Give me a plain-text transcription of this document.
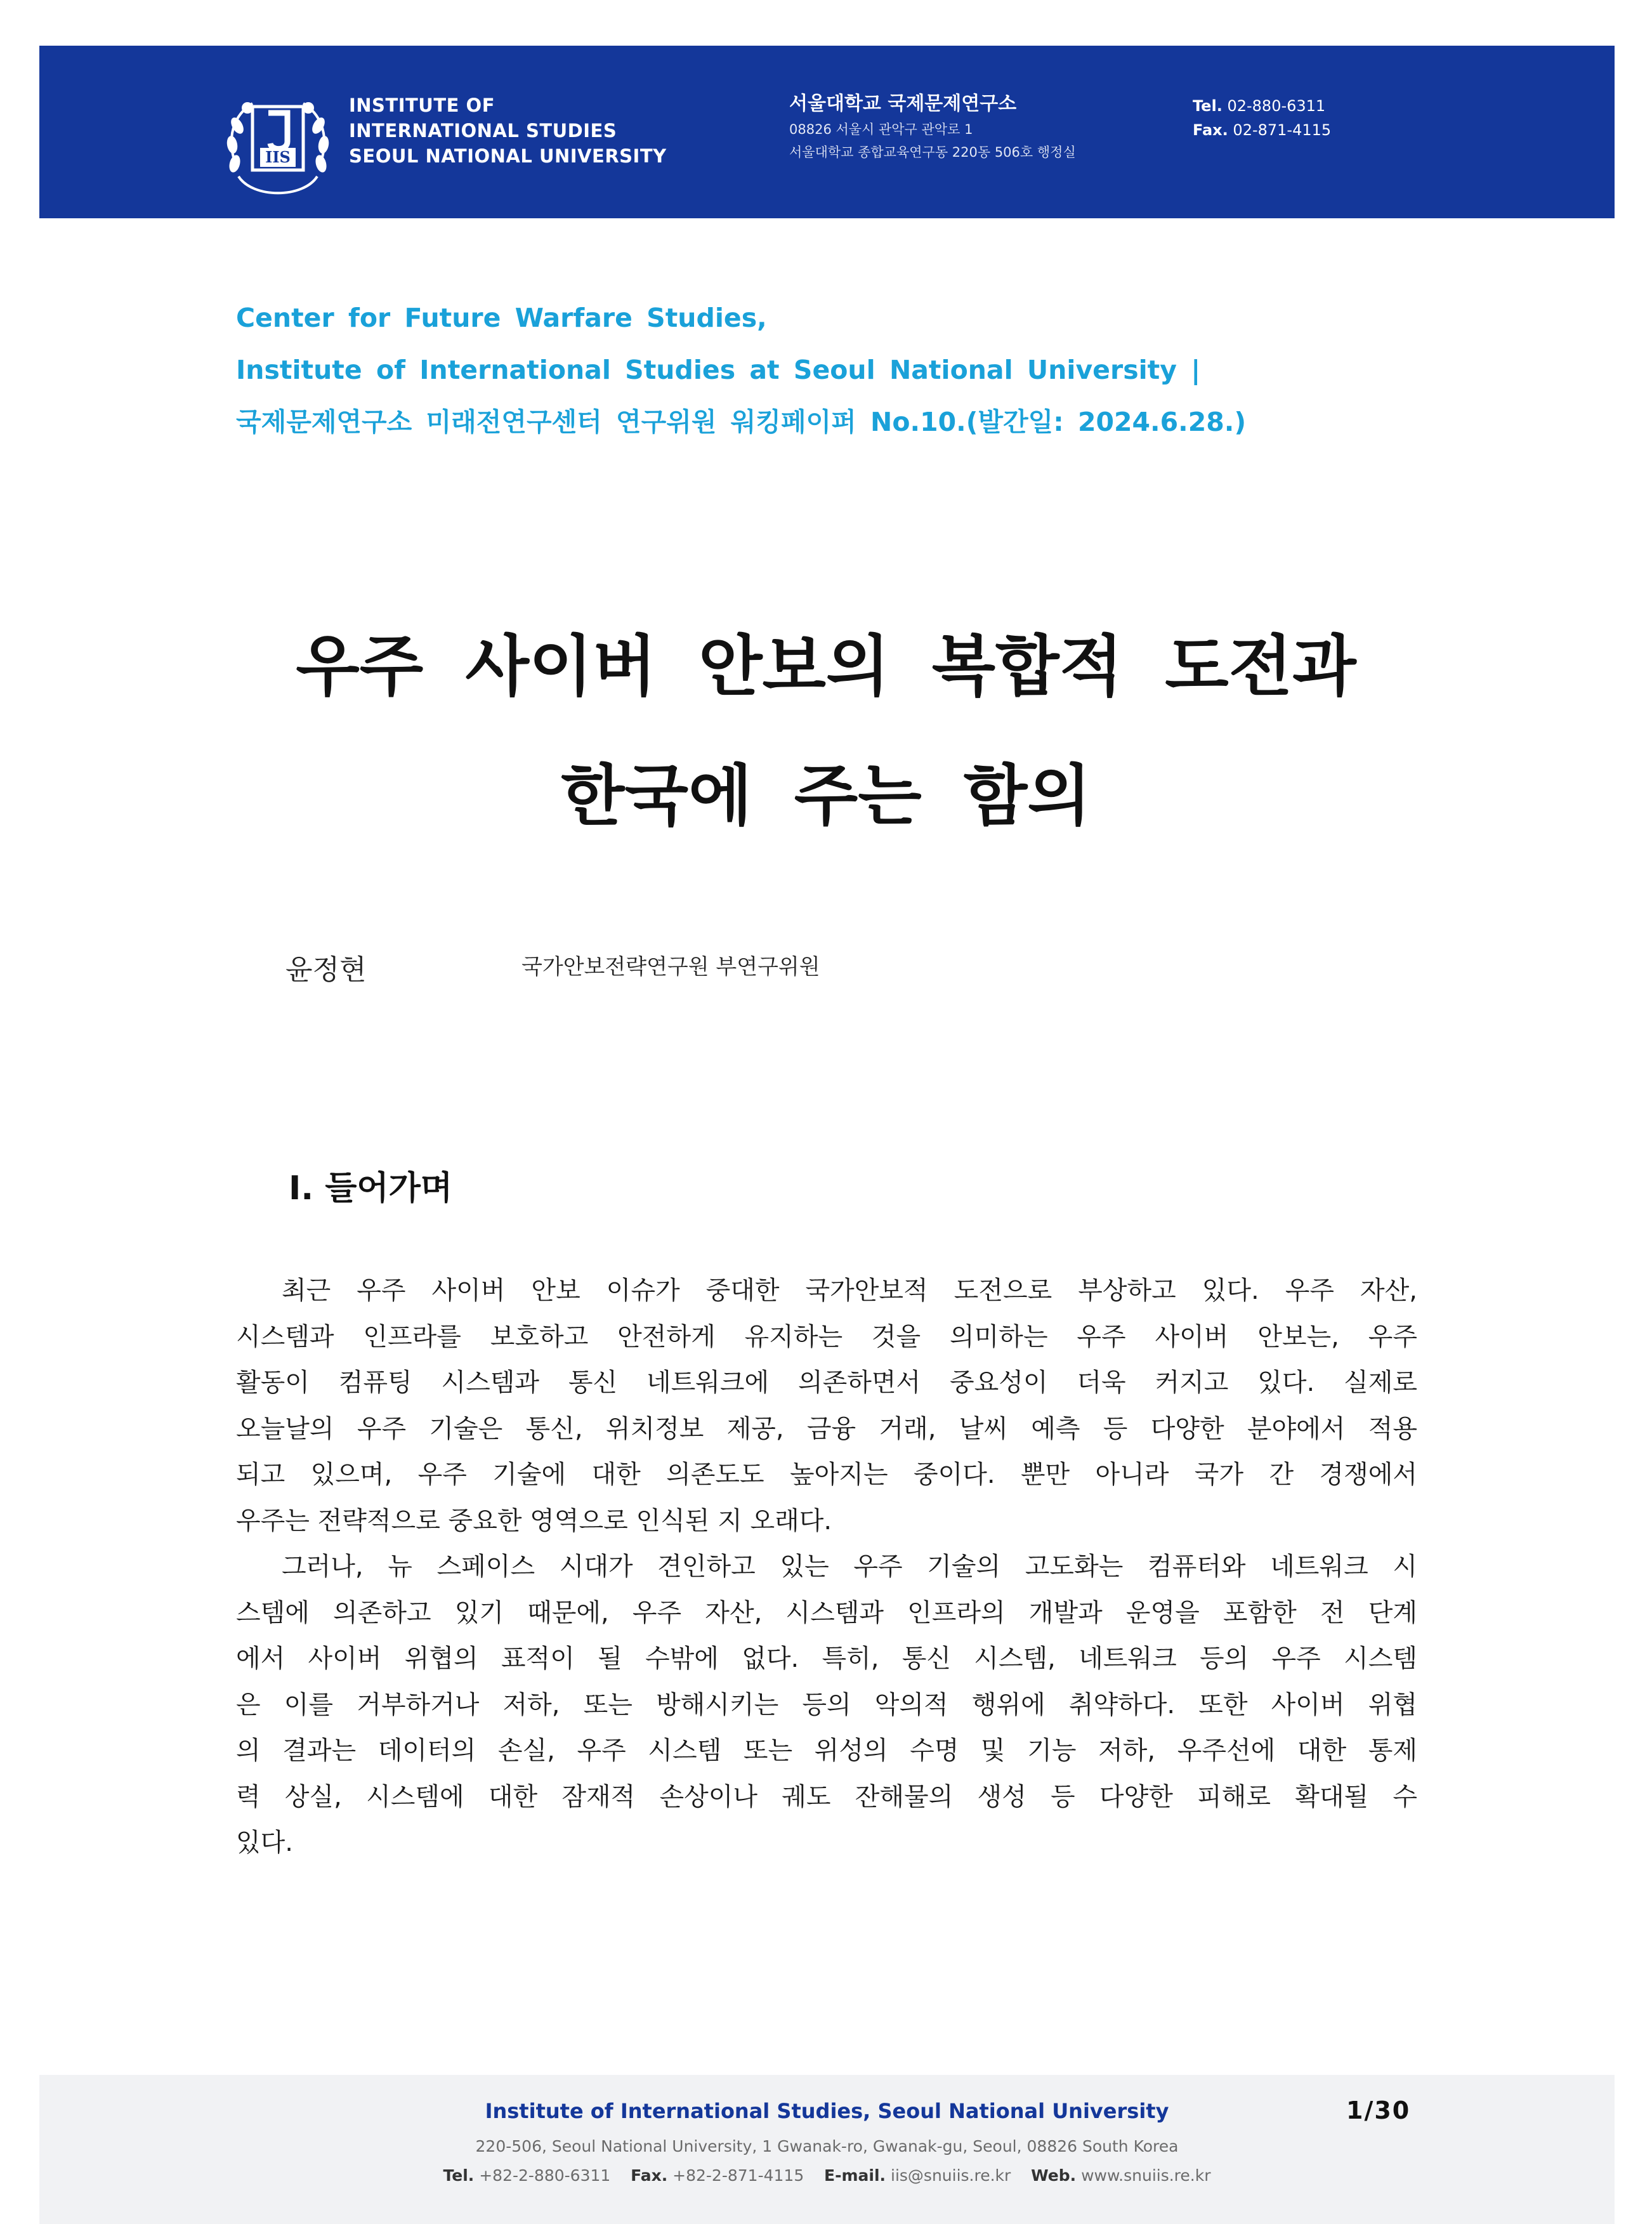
IIS
INSTITUTE OF
INTERNATIONAL STUDIES
SEOUL NATIONAL UNIVERSITY
서울대학교 국제문제연구소
08826 서울시 관악구 관악로 1
서울대학교 종합교육연구동 220동 506호 행정실
Tel. 02-880-6311
Fax. 02-871-4115
Center for Future Warfare Studies,
Institute of International Studies at Seoul National University |
국제문제연구소 미래전연구센터 연구위원 워킹페이퍼 No.10.(발간일: 2024.6.28.)
우주 사이버 안보의 복합적 도전과
한국에 주는 함의
윤정현	국가안보전략연구원 부연구위원
Ⅰ. 들어가며
최근 우주 사이버 안보 이슈가 중대한 국가안보적 도전으로 부상하고 있다. 우주 자산,
시스템과 인프라를 보호하고 안전하게 유지하는 것을 의미하는 우주 사이버 안보는, 우주
활동이 컴퓨팅 시스템과 통신 네트워크에 의존하면서 중요성이 더욱 커지고 있다. 실제로
오늘날의 우주 기술은 통신, 위치정보 제공, 금융 거래, 날씨 예측 등 다양한 분야에서 적용
되고 있으며, 우주 기술에 대한 의존도도 높아지는 중이다. 뿐만 아니라 국가 간 경쟁에서
우주는 전략적으로 중요한 영역으로 인식된 지 오래다.
그러나, 뉴 스페이스 시대가 견인하고 있는 우주 기술의 고도화는 컴퓨터와 네트워크 시
스템에 의존하고 있기 때문에, 우주 자산, 시스템과 인프라의 개발과 운영을 포함한 전 단계
에서 사이버 위협의 표적이 될 수밖에 없다. 특히, 통신 시스템, 네트워크 등의 우주 시스템
은 이를 거부하거나 저하, 또는 방해시키는 등의 악의적 행위에 취약하다. 또한 사이버 위협
의 결과는 데이터의 손실, 우주 시스템 또는 위성의 수명 및 기능 저하, 우주선에 대한 통제
력 상실, 시스템에 대한 잠재적 손상이나 궤도 잔해물의 생성 등 다양한 피해로 확대될 수
있다.
Institute of International Studies, Seoul National University	1/30
220-506, Seoul National University, 1 Gwanak-ro, Gwanak-gu, Seoul, 08826 South Korea
Tel. +82-2-880-6311 Fax. +82-2-871-4115 E-mail. iis@snuiis.re.kr Web. www.snuiis.re.kr
